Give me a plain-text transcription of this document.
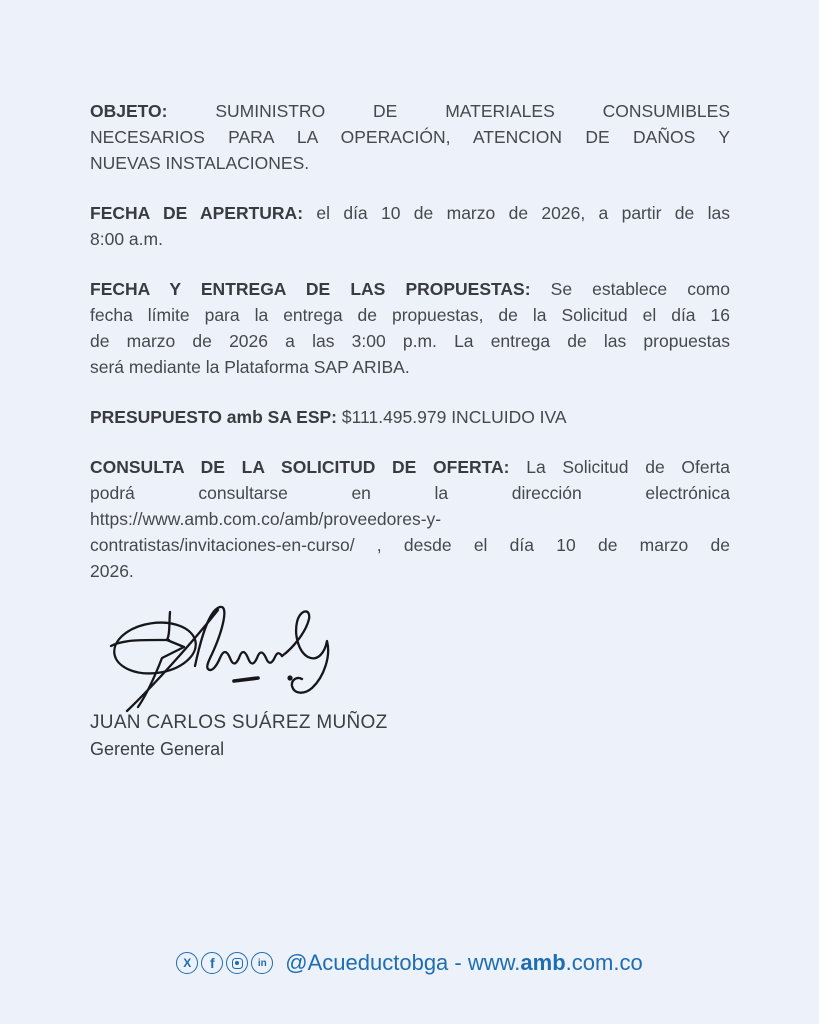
OBJETO: SUMINISTRO DE MATERIALES CONSUMIBLES
NECESARIOS PARA LA OPERACIÓN, ATENCION DE DAÑOS Y
NUEVAS INSTALACIONES.
FECHA DE APERTURA: el día 10 de marzo de 2026, a partir de las
8:00 a.m.
FECHA Y ENTREGA DE LAS PROPUESTAS: Se establece como
fecha límite para la entrega de propuestas, de la Solicitud el día 16
de marzo de 2026 a las 3:00 p.m. La entrega de las propuestas
será mediante la Plataforma SAP ARIBA.
PRESUPUESTO amb SA ESP: $111.495.979 INCLUIDO IVA
CONSULTA DE LA SOLICITUD DE OFERTA: La Solicitud de Oferta
podrá consultarse en la dirección electrónica
https://www.amb.com.co/amb/proveedores-y-
contratistas/invitaciones-en-curso/ , desde el día 10 de marzo de
2026.
JUAN CARLOS SUÁREZ MUÑOZ
Gerente General
X	f	in @Acueductobga - www.amb.com.co
